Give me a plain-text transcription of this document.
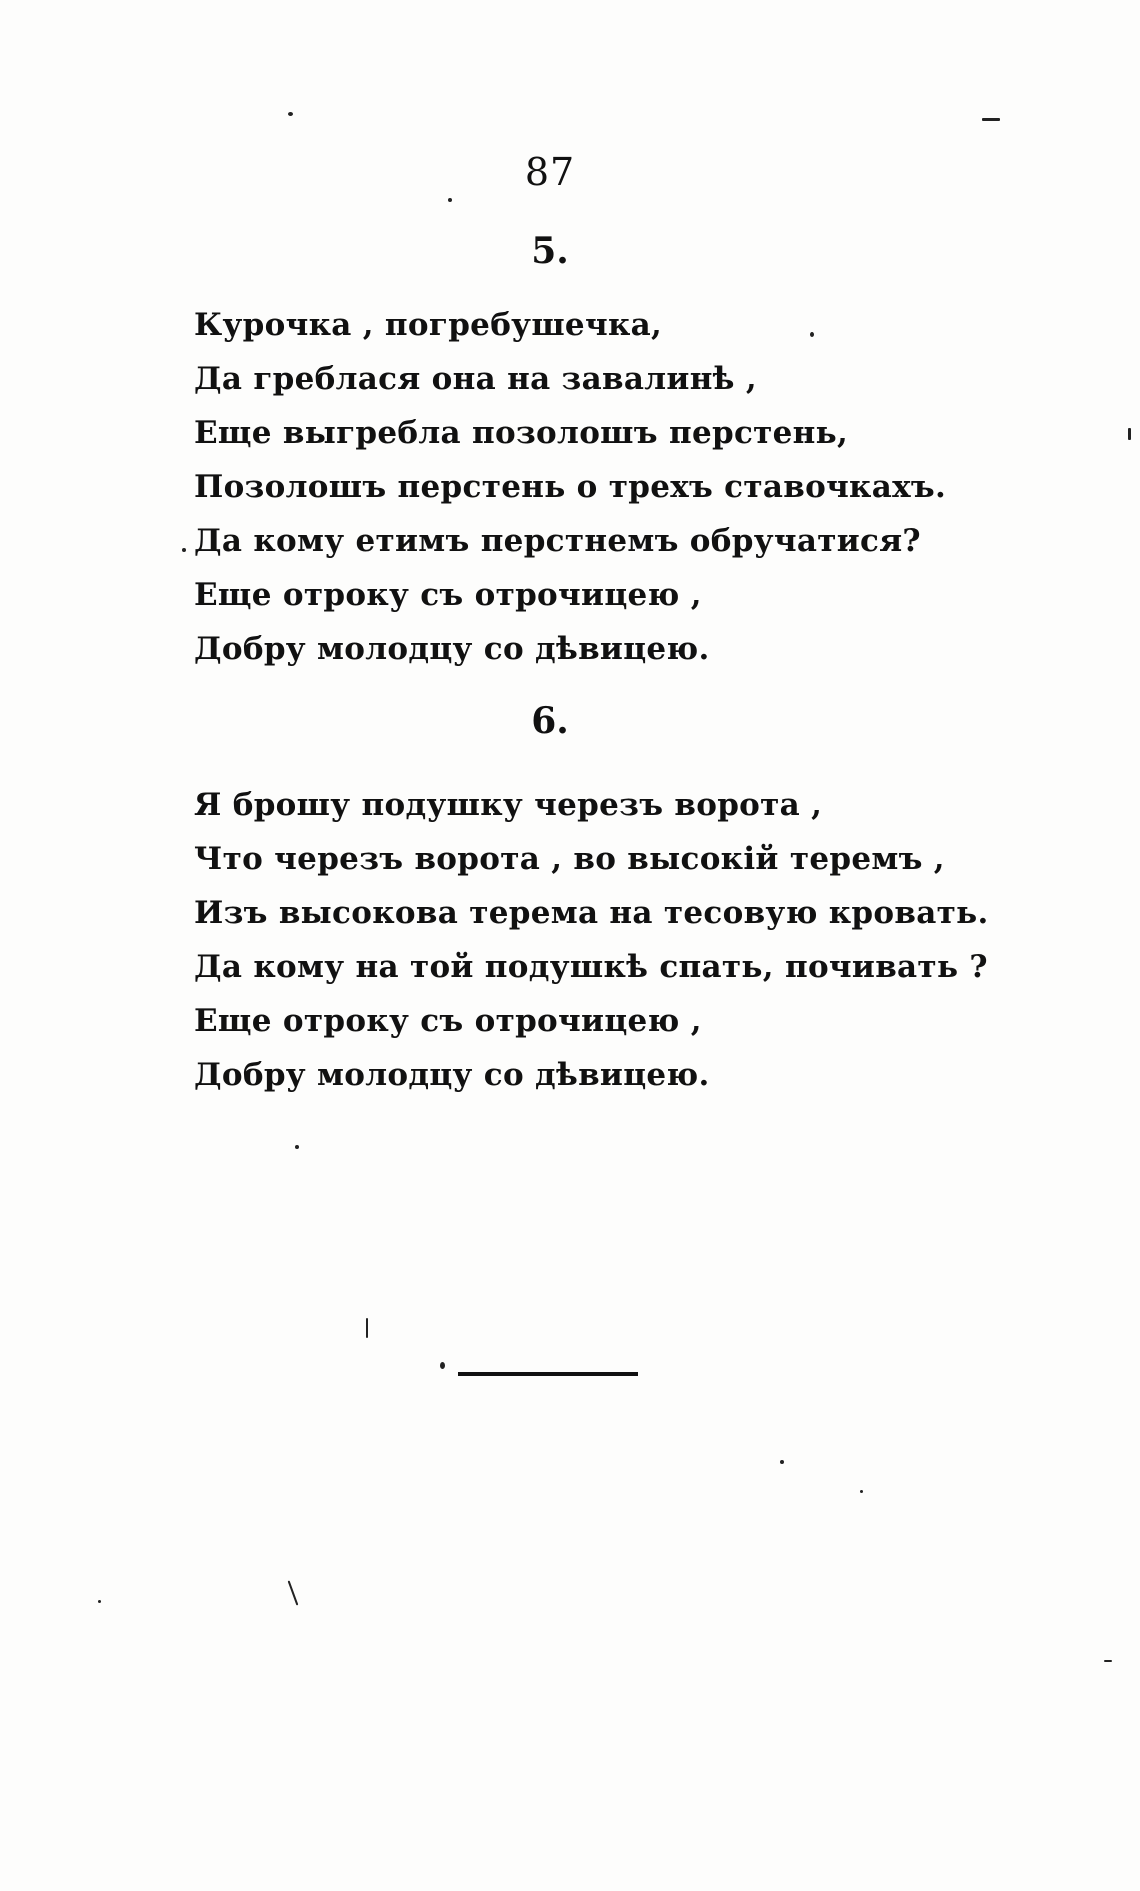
87
5.
Курочка , погребушечка,
Да греблася она на завалинѣ ,
Еще выгребла позолошъ перстень,
Позолошъ перстень о трехъ ставочкахъ.
Да кому етимъ перстнемъ обручатися?
Еще отроку съ отрочицею ,
Добру молодцу со дѣвицею.
6.
Я брошу подушку черезъ ворота ,
Что черезъ ворота , во высокій теремъ ,
Изъ высокова терема на тесовую кровать.
Да кому на той подушкѣ спать, почивать ?
Еще отроку съ отрочицею ,
Добру молодцу со дѣвицею.
